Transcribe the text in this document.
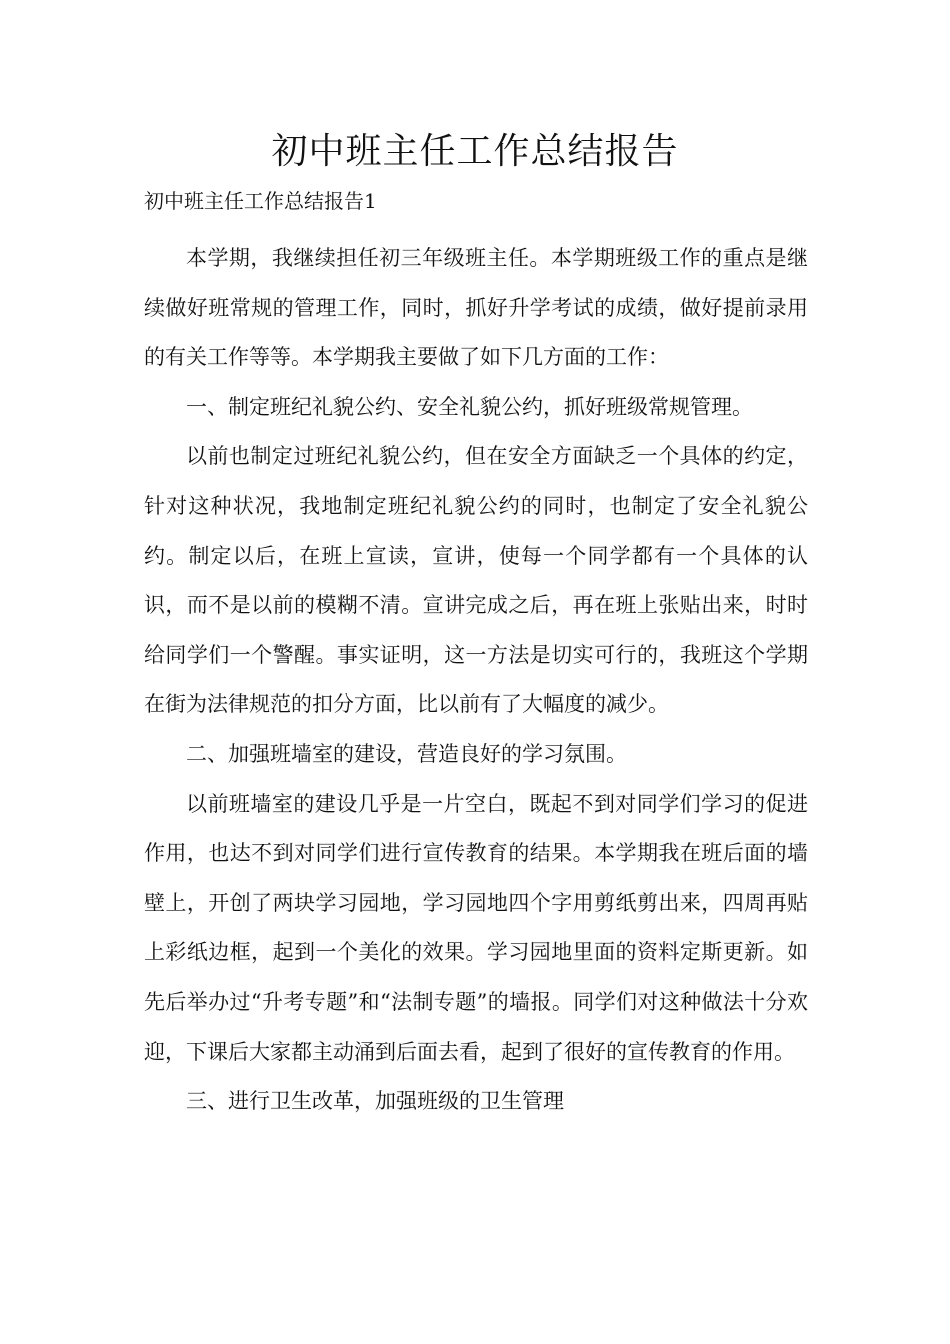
初中班主任工作总结报告

初中班主任工作总结报告1

本学期，我继续担任初三年级班主任。本学期班级工作的重点是继续做好班常规的管理工作，同时，抓好升学考试的成绩，做好提前录用的有关工作等等。本学期我主要做了如下几方面的工作：

一、制定班纪礼貌公约、安全礼貌公约，抓好班级常规管理。

以前也制定过班纪礼貌公约，但在安全方面缺乏一个具体的约定，针对这种状况，我地制定班纪礼貌公约的同时，也制定了安全礼貌公约。制定以后，在班上宣读，宣讲，使每一个同学都有一个具体的认识，而不是以前的模糊不清。宣讲完成之后，再在班上张贴出来，时时给同学们一个警醒。事实证明，这一方法是切实可行的，我班这个学期在街为法律规范的扣分方面，比以前有了大幅度的减少。

二、加强班墙室的建设，营造良好的学习氛围。

以前班墙室的建设几乎是一片空白，既起不到对同学们学习的促进作用，也达不到对同学们进行宣传教育的结果。本学期我在班后面的墙壁上，开创了两块学习园地，学习园地四个字用剪纸剪出来，四周再贴上彩纸边框，起到一个美化的效果。学习园地里面的资料定斯更新。如先后举办过“升考专题”和“法制专题”的墙报。同学们对这种做法十分欢迎，下课后大家都主动涌到后面去看，起到了很好的宣传教育的作用。

三、进行卫生改革，加强班级的卫生管理
